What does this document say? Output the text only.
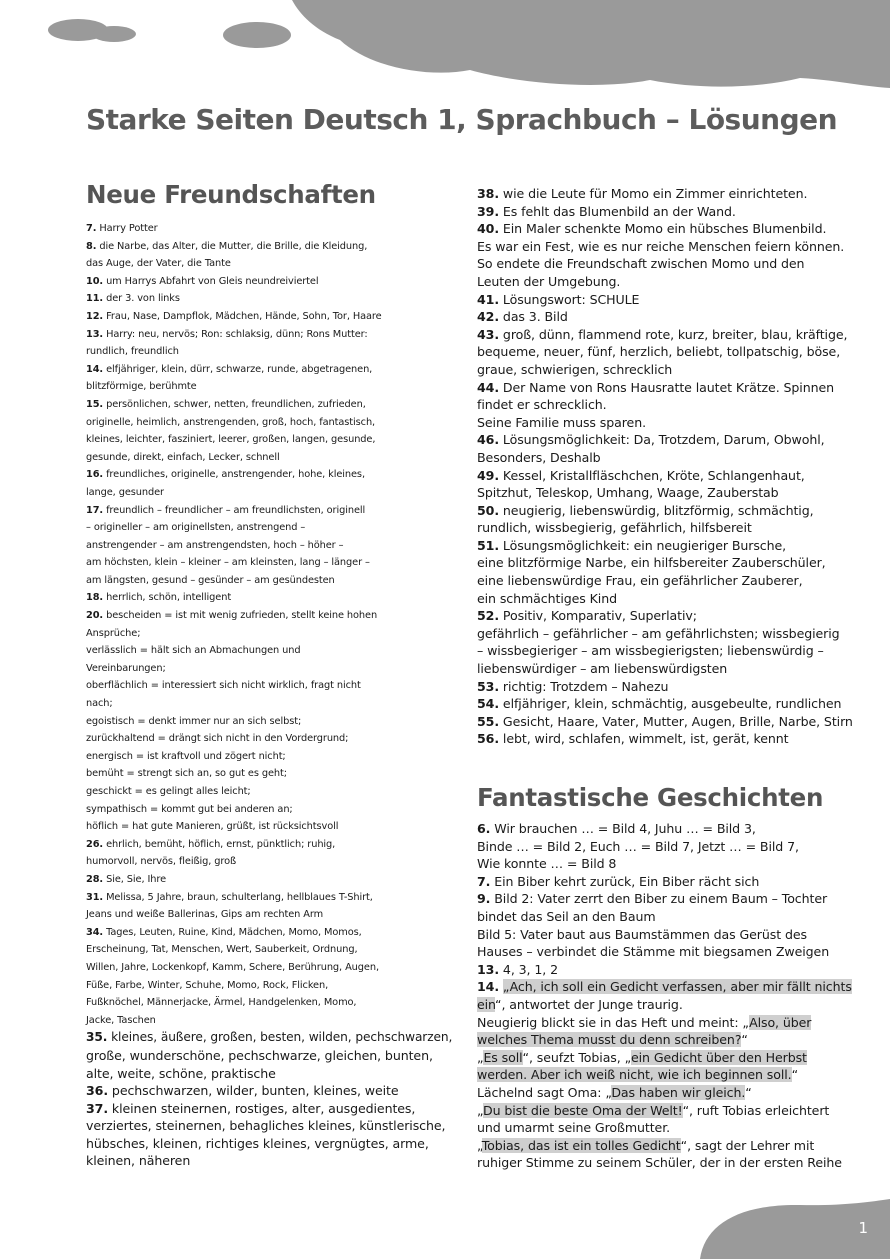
Starke Seiten Deutsch 1, Sprachbuch – Lösungen
Neue Freundschaften
7. Harry Potter
8. die Narbe, das Alter, die Mutter, die Brille, die Kleidung,
das Auge, der Vater, die Tante
10. um Harrys Abfahrt von Gleis neundreiviertel
11. der 3. von links
12. Frau, Nase, Dampflok, Mädchen, Hände, Sohn, Tor, Haare
13. Harry: neu, nervös; Ron: schlaksig, dünn; Rons Mutter:
rundlich, freundlich
14. elfjähriger, klein, dürr, schwarze, runde, abgetragenen,
blitzförmige, berühmte
15. persönlichen, schwer, netten, freundlichen, zufrieden,
originelle, heimlich, anstrengenden, groß, hoch, fantastisch,
kleines, leichter, fasziniert, leerer, großen, langen, gesunde,
gesunde, direkt, einfach, Lecker, schnell
16. freundliches, originelle, anstrengender, hohe, kleines,
lange, gesunder
17. freundlich – freundlicher – am freundlichsten, originell
– origineller – am originellsten, anstrengend –
anstrengender – am anstrengendsten, hoch – höher –
am höchsten, klein – kleiner – am kleinsten, lang – länger –
am längsten, gesund – gesünder – am gesündesten
18. herrlich, schön, intelligent
20. bescheiden = ist mit wenig zufrieden, stellt keine hohen
Ansprüche;
verlässlich = hält sich an Abmachungen und
Vereinbarungen;
oberflächlich = interessiert sich nicht wirklich, fragt nicht
nach;
egoistisch = denkt immer nur an sich selbst;
zurückhaltend = drängt sich nicht in den Vordergrund;
energisch = ist kraftvoll und zögert nicht;
bemüht = strengt sich an, so gut es geht;
geschickt = es gelingt alles leicht;
sympathisch = kommt gut bei anderen an;
höflich = hat gute Manieren, grüßt, ist rücksichtsvoll
26. ehrlich, bemüht, höflich, ernst, pünktlich; ruhig,
humorvoll, nervös, fleißig, groß
28. Sie, Sie, Ihre
31. Melissa, 5 Jahre, braun, schulterlang, hellblaues T-Shirt,
Jeans und weiße Ballerinas, Gips am rechten Arm
34. Tages, Leuten, Ruine, Kind, Mädchen, Momo, Momos,
Erscheinung, Tat, Menschen, Wert, Sauberkeit, Ordnung,
Willen, Jahre, Lockenkopf, Kamm, Schere, Berührung, Augen,
Füße, Farbe, Winter, Schuhe, Momo, Rock, Flicken,
Fußknöchel, Männerjacke, Ärmel, Handgelenken, Momo,
Jacke, Taschen
35. kleines, äußere, großen, besten, wilden, pechschwarzen,
große, wunderschöne, pechschwarze, gleichen, bunten,
alte, weite, schöne, praktische
36. pechschwarzen, wilder, bunten, kleines, weite
37. kleinen steinernen, rostiges, alter, ausgedientes,
verziertes, steinernen, behagliches kleines, künstlerische,
hübsches, kleinen, richtiges kleines, vergnügtes, arme,
kleinen, näheren
38. wie die Leute für Momo ein Zimmer einrichteten.
39. Es fehlt das Blumenbild an der Wand.
40. Ein Maler schenkte Momo ein hübsches Blumenbild.
Es war ein Fest, wie es nur reiche Menschen feiern können.
So endete die Freundschaft zwischen Momo und den
Leuten der Umgebung.
41. Lösungswort: SCHULE
42. das 3. Bild
43. groß, dünn, flammend rote, kurz, breiter, blau, kräftige,
bequeme, neuer, fünf, herzlich, beliebt, tollpatschig, böse,
graue, schwierigen, schrecklich
44. Der Name von Rons Hausratte lautet Krätze. Spinnen
findet er schrecklich.
Seine Familie muss sparen.
46. Lösungsmöglichkeit: Da, Trotzdem, Darum, Obwohl,
Besonders, Deshalb
49. Kessel, Kristallfläschchen, Kröte, Schlangenhaut,
Spitzhut, Teleskop, Umhang, Waage, Zauberstab
50. neugierig, liebenswürdig, blitzförmig, schmächtig,
rundlich, wissbegierig, gefährlich, hilfsbereit
51. Lösungsmöglichkeit: ein neugieriger Bursche,
eine blitzförmige Narbe, ein hilfsbereiter Zauberschüler,
eine liebenswürdige Frau, ein gefährlicher Zauberer,
ein schmächtiges Kind
52. Positiv, Komparativ, Superlativ;
gefährlich – gefährlicher – am gefährlichsten; wissbegierig
– wissbegieriger – am wissbegierigsten; liebenswürdig –
liebenswürdiger – am liebenswürdigsten
53. richtig: Trotzdem – Nahezu
54. elfjähriger, klein, schmächtig, ausgebeulte, rundlichen
55. Gesicht, Haare, Vater, Mutter, Augen, Brille, Narbe, Stirn
56. lebt, wird, schlafen, wimmelt, ist, gerät, kennt
Fantastische Geschichten
6. Wir brauchen … = Bild 4, Juhu … = Bild 3,
Binde … = Bild 2, Euch … = Bild 7, Jetzt … = Bild 7,
Wie konnte … = Bild 8
7. Ein Biber kehrt zurück, Ein Biber rächt sich
9. Bild 2: Vater zerrt den Biber zu einem Baum – Tochter
bindet das Seil an den Baum
Bild 5: Vater baut aus Baumstämmen das Gerüst des
Hauses – verbindet die Stämme mit biegsamen Zweigen
13. 4, 3, 1, 2
14. „Ach, ich soll ein Gedicht verfassen, aber mir fällt nichts
ein“, antwortet der Junge traurig.
Neugierig blickt sie in das Heft und meint: „Also, über
welches Thema musst du denn schreiben?“
„Es soll“, seufzt Tobias, „ein Gedicht über den Herbst
werden. Aber ich weiß nicht, wie ich beginnen soll.“
Lächelnd sagt Oma: „Das haben wir gleich.“
„Du bist die beste Oma der Welt!“, ruft Tobias erleichtert
und umarmt seine Großmutter.
„Tobias, das ist ein tolles Gedicht“, sagt der Lehrer mit
ruhiger Stimme zu seinem Schüler, der in der ersten Reihe
1
